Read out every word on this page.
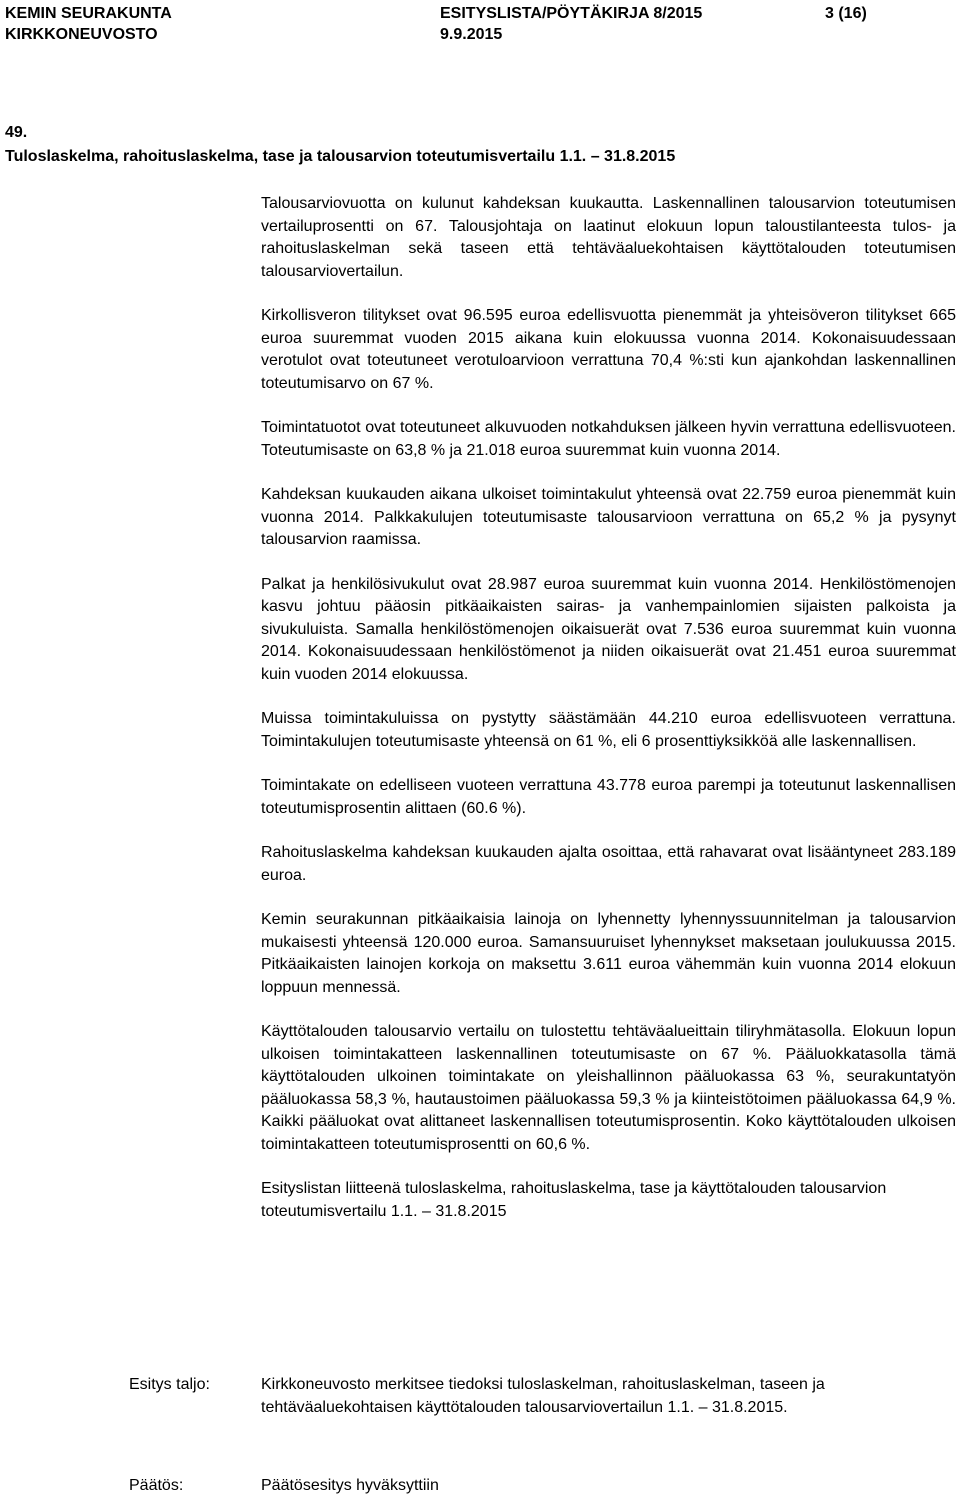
KEMIN SEURAKUNTA
KIRKKONEUVOSTO
ESITYSLISTA/PÖYTÄKIRJA 8/2015
9.9.2015
3 (16)
49.
Tuloslaskelma, rahoituslaskelma, tase ja talousarvion toteutumisvertailu 1.1. – 31.8.2015

Talousarviovuotta on kulunut kahdeksan kuukautta. Laskennallinen talousarvion toteutumisen vertailuprosentti on 67. Talousjohtaja on laatinut elokuun lopun taloustilanteesta tulos- ja rahoituslaskelman sekä taseen että tehtäväaluekohtaisen käyttötalouden toteutumisen talousarviovertailun.

Kirkollisveron tilitykset ovat 96.595 euroa edellisvuotta pienemmät ja yhteisöveron tilitykset 665 euroa suuremmat vuoden 2015 aikana kuin elokuussa vuonna 2014. Kokonaisuudessaan verotulot ovat toteutuneet verotuloarvioon verrattuna 70,4 %:sti kun ajankohdan laskennallinen toteutumisarvo on 67 %.

Toimintatuotot ovat toteutuneet alkuvuoden notkahduksen jälkeen hyvin verrattuna edellisvuoteen. Toteutumisaste on 63,8 % ja 21.018 euroa suuremmat kuin vuonna 2014.

Kahdeksan kuukauden aikana ulkoiset toimintakulut yhteensä ovat 22.759 euroa pienemmät kuin vuonna 2014. Palkkakulujen toteutumisaste talousarvioon verrattuna on 65,2 % ja pysynyt talousarvion raamissa.

Palkat ja henkilösivukulut ovat 28.987 euroa suuremmat kuin vuonna 2014. Henkilöstömenojen kasvu johtuu pääosin pitkäaikaisten sairas- ja vanhempainlomien sijaisten palkoista ja sivukuluista. Samalla henkilöstömenojen oikaisuerät ovat 7.536 euroa suuremmat kuin vuonna 2014. Kokonaisuudessaan henkilöstömenot ja niiden oikaisuerät ovat 21.451 euroa suuremmat kuin vuoden 2014 elokuussa.

Muissa toimintakuluissa on pystytty säästämään 44.210 euroa edellisvuoteen verrattuna. Toimintakulujen toteutumisaste yhteensä on 61 %, eli 6 prosenttiyksikköä alle laskennallisen.

Toimintakate on edelliseen vuoteen verrattuna 43.778 euroa parempi ja toteutunut laskennallisen toteutumisprosentin alittaen (60.6 %).

Rahoituslaskelma kahdeksan kuukauden ajalta osoittaa, että rahavarat ovat lisääntyneet 283.189 euroa.

Kemin seurakunnan pitkäaikaisia lainoja on lyhennetty lyhennyssuunnitelman ja talousarvion mukaisesti yhteensä 120.000 euroa. Samansuuruiset lyhennykset maksetaan joulukuussa 2015. Pitkäaikaisten lainojen korkoja on maksettu 3.611 euroa vähemmän kuin vuonna 2014 elokuun loppuun mennessä.

Käyttötalouden talousarvio vertailu on tulostettu tehtäväalueittain tiliryhmätasolla. Elokuun lopun ulkoisen toimintakatteen laskennallinen toteutumisaste on 67 %. Pääluokkatasolla tämä käyttötalouden ulkoinen toimintakate on yleishallinnon pääluokassa 63 %, seurakuntatyön pääluokassa 58,3 %, hautaustoimen pääluokassa 59,3 % ja kiinteistötoimen pääluokassa 64,9 %. Kaikki pääluokat ovat alittaneet laskennallisen toteutumisprosentin. Koko käyttötalouden ulkoisen toimintakatteen toteutumisprosentti on 60,6 %.

Esityslistan liitteenä tuloslaskelma, rahoituslaskelma, tase ja käyttötalouden talousarvion toteutumisvertailu 1.1. – 31.8.2015

Esitys taljo:	Kirkkoneuvosto merkitsee tiedoksi tuloslaskelman, rahoituslaskelman, taseen ja tehtäväaluekohtaisen käyttötalouden talousarviovertailun 1.1. – 31.8.2015.
Päätös:	Päätösesitys hyväksyttiin
